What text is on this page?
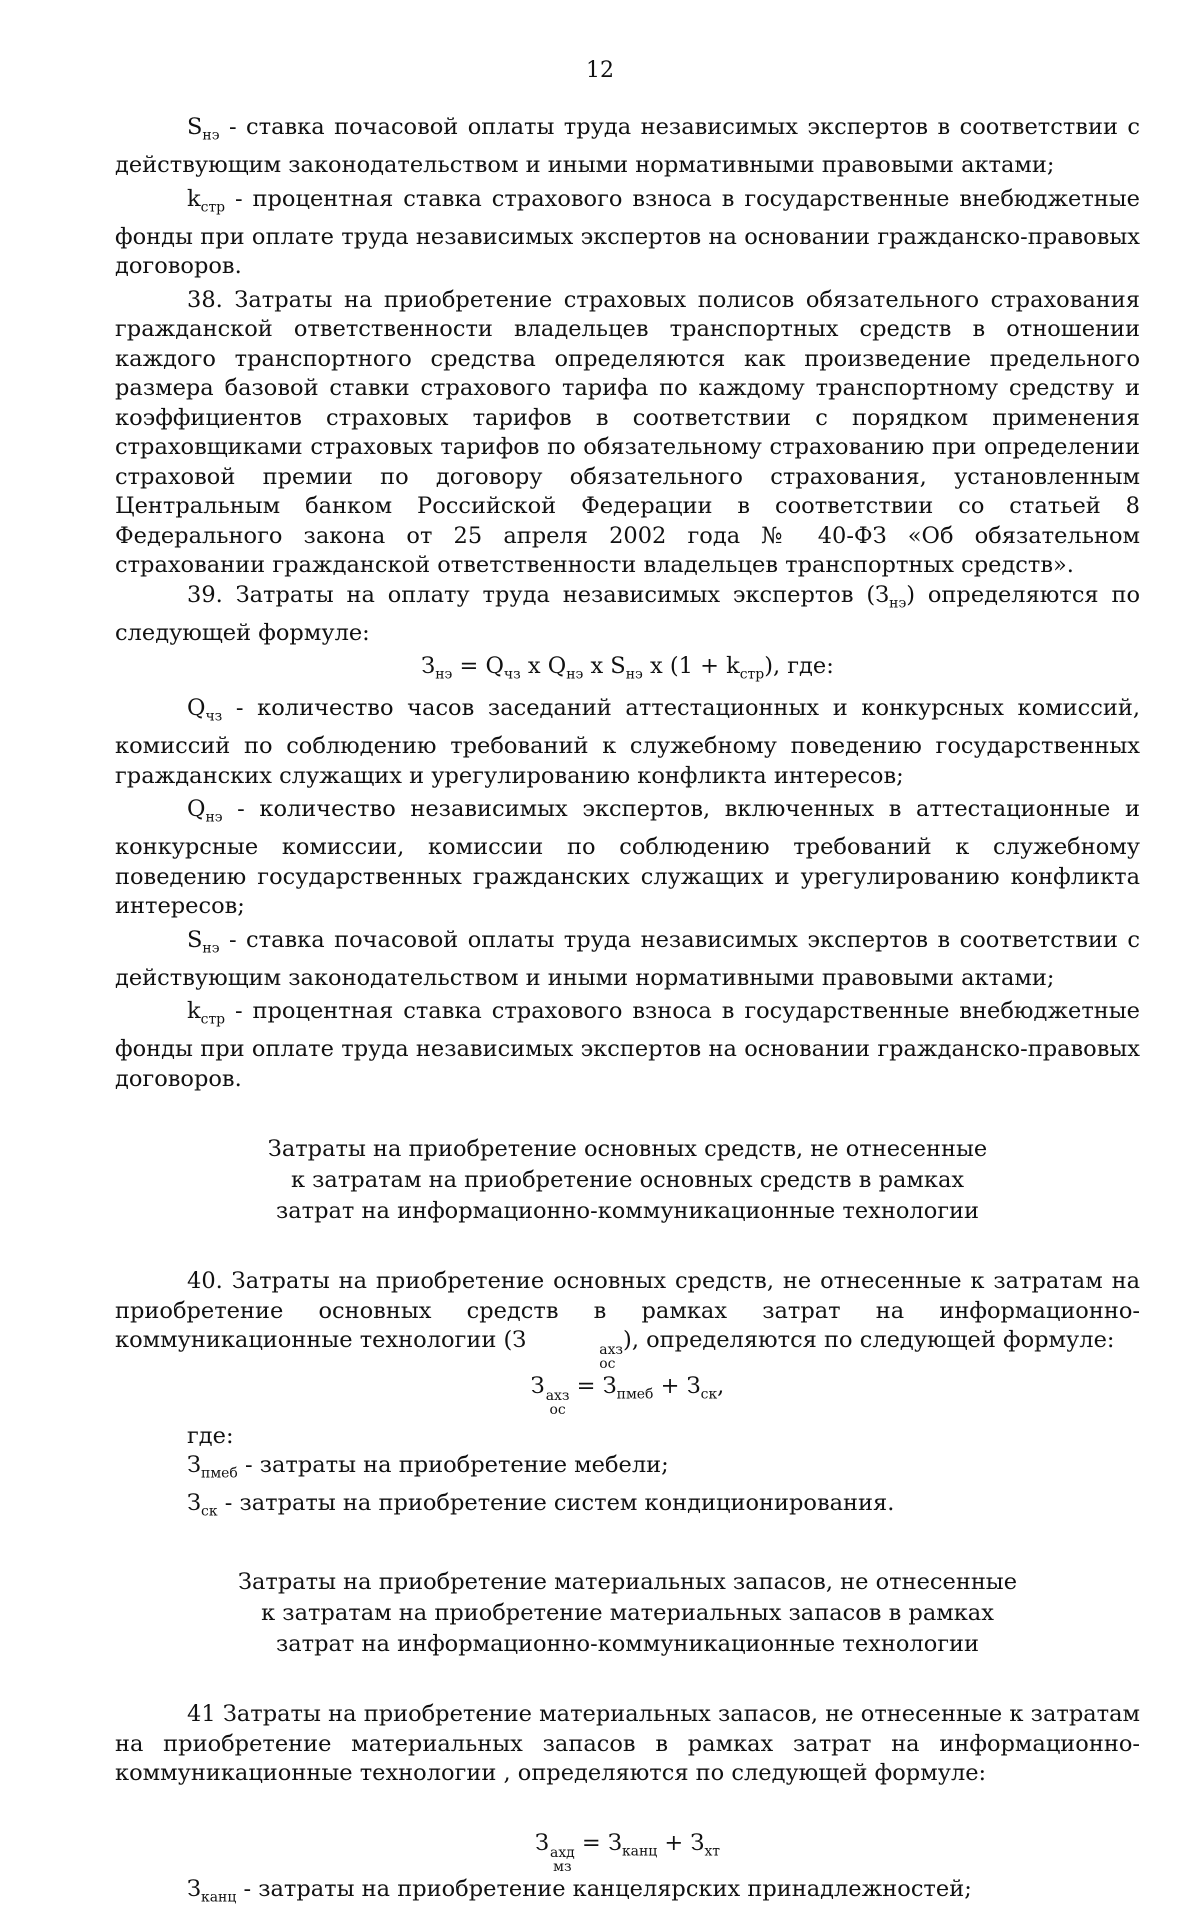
12

$S_{нэ}$ - ставка почасовой оплаты труда независимых экспертов в соответствии с действующим законодательством и иными нормативными правовыми актами;

$k_{стр}$ - процентная ставка страхового взноса в государственные внебюджетные фонды при оплате труда независимых экспертов на основании гражданско-правовых договоров.

38. Затраты на приобретение страховых полисов обязательного страхования гражданской ответственности владельцев транспортных средств в отношении каждого транспортного средства определяются как произведение предельного размера базовой ставки страхового тарифа по каждому транспортному средству и коэффициентов страховых тарифов в соответствии с порядком применения страховщиками страховых тарифов по обязательному страхованию при определении страховой премии по договору обязательного страхования, установленным Центральным банком Российской Федерации в соответствии со статьей 8 Федерального закона от 25 апреля 2002 года № 40-ФЗ «Об обязательном страховании гражданской ответственности владельцев транспортных средств».

39. Затраты на оплату труда независимых экспертов $(З_{нэ})$ определяются по следующей формуле:

$З_{нэ} = Q_{чз}$ x $Q_{нэ}$ x $S_{нэ}$ x $(1 + k_{стр})$, где:

$Q_{чз}$ - количество часов заседаний аттестационных и конкурсных комиссий, комиссий по соблюдению требований к служебному поведению государственных гражданских служащих и урегулированию конфликта интересов;

$Q_{нэ}$ - количество независимых экспертов, включенных в аттестационные и конкурсные комиссии, комиссии по соблюдению требований к служебному поведению государственных гражданских служащих и урегулированию конфликта интересов;

$S_{нэ}$ - ставка почасовой оплаты труда независимых экспертов в соответствии с действующим законодательством и иными нормативными правовыми актами;

$k_{стр}$ - процентная ставка страхового взноса в государственные внебюджетные фонды при оплате труда независимых экспертов на основании гражданско-правовых договоров.

Затраты на приобретение основных средств, не отнесенные

к затратам на приобретение основных средств в рамках

затрат на информационно-коммуникационные технологии

40. Затраты на приобретение основных средств, не отнесенные к затратам на приобретение основных средств в рамках затрат на информационно-коммуникационные технологии (З	ахз
ос
), определяются по следующей формуле:

З ахз
ос
= $З_{пмеб} + З_{ск}$,

где:

$З_{пмеб}$ - затраты на приобретение мебели;

$З_{ск}$ - затраты на приобретение систем кондиционирования.

Затраты на приобретение материальных запасов, не отнесенные

к затратам на приобретение материальных запасов в рамках

затрат на информационно-коммуникационные технологии

41 Затраты на приобретение материальных запасов, не отнесенные к затратам на приобретение материальных запасов в рамках затрат на информационно-коммуникационные технологии , определяются по следующей формуле:

З ахд
мз
= $З_{канц} + З_{хт}$

$З_{канц}$ - затраты на приобретение канцелярских принадлежностей;
